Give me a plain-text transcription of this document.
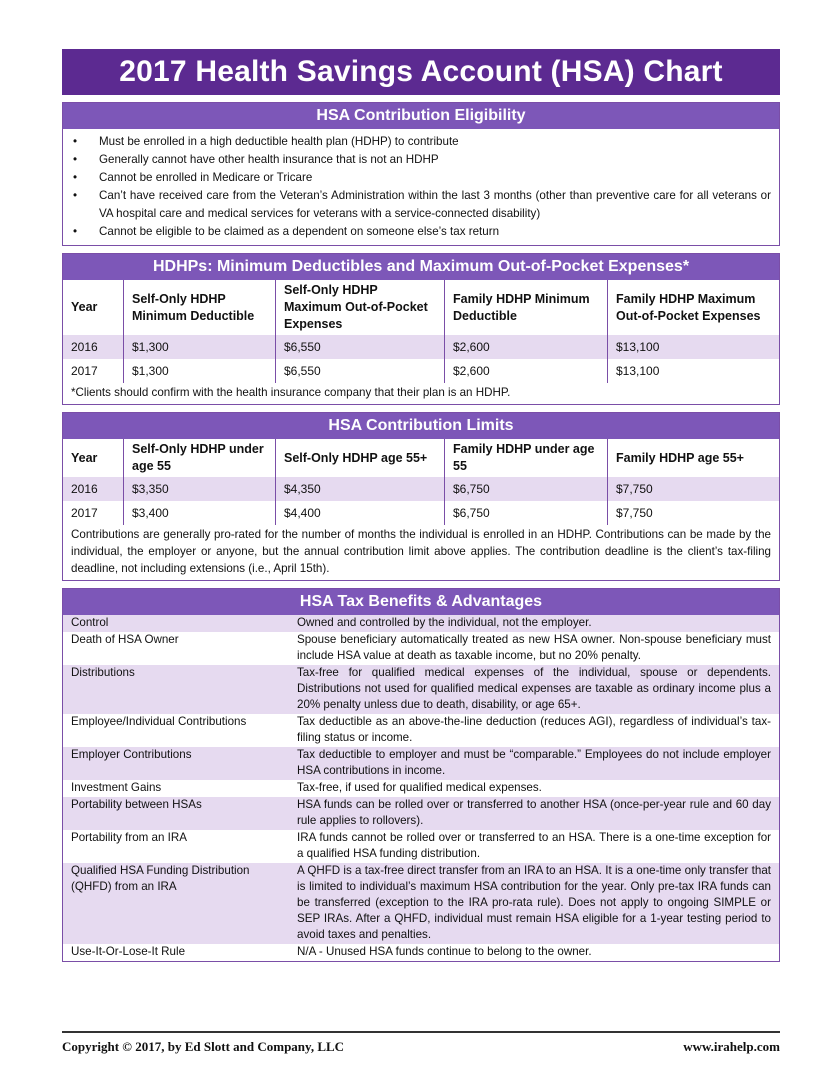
2017 Health Savings Account (HSA) Chart
HSA Contribution Eligibility
• Must be enrolled in a high deductible health plan (HDHP) to contribute
• Generally cannot have other health insurance that is not an HDHP
• Cannot be enrolled in Medicare or Tricare
• Can’t have received care from the Veteran’s Administration within the last 3 months (other than preventive care for all veterans or VA hospital care and medical services for veterans with a service-connected disability)
• Cannot be eligible to be claimed as a dependent on someone else’s tax return
HDHPs: Minimum Deductibles and Maximum Out-of-Pocket Expenses*
Year	Self-Only HDHP Minimum Deductible	Self-Only HDHP Maximum Out-of-Pocket Expenses	Family HDHP Minimum Deductible	Family HDHP Maximum Out-of-Pocket Expenses
2016	$1,300	$6,550	$2,600	$13,100
2017	$1,300	$6,550	$2,600	$13,100
*Clients should confirm with the health insurance company that their plan is an HDHP.
HSA Contribution Limits
Year	Self-Only HDHP under age 55	Self-Only HDHP age 55+	Family HDHP under age 55	Family HDHP age 55+
2016	$3,350	$4,350	$6,750	$7,750
2017	$3,400	$4,400	$6,750	$7,750
Contributions are generally pro-rated for the number of months the individual is enrolled in an HDHP. Contributions can be made by the individual, the employer or anyone, but the annual contribution limit above applies. The contribution deadline is the client’s tax-filing deadline, not including extensions (i.e., April 15th).
HSA Tax Benefits & Advantages
Control	Owned and controlled by the individual, not the employer.
Death of HSA Owner	Spouse beneficiary automatically treated as new HSA owner. Non-spouse beneficiary must include HSA value at death as taxable income, but no 20% penalty.
Distributions	Tax-free for qualified medical expenses of the individual, spouse or dependents. Distributions not used for qualified medical expenses are taxable as ordinary income plus a 20% penalty unless due to death, disability, or age 65+.
Employee/Individual Contributions	Tax deductible as an above-the-line deduction (reduces AGI), regardless of individual’s tax-filing status or income.
Employer Contributions	Tax deductible to employer and must be “comparable.” Employees do not include employer HSA contributions in income.
Investment Gains	Tax-free, if used for qualified medical expenses.
Portability between HSAs	HSA funds can be rolled over or transferred to another HSA (once-per-year rule and 60 day rule applies to rollovers).
Portability from an IRA	IRA funds cannot be rolled over or transferred to an HSA. There is a one-time exception for a qualified HSA funding distribution.
Qualified HSA Funding Distribution (QHFD) from an IRA	A QHFD is a tax-free direct transfer from an IRA to an HSA. It is a one-time only transfer that is limited to individual’s maximum HSA contribution for the year. Only pre-tax IRA funds can be transferred (exception to the IRA pro-rata rule). Does not apply to ongoing SIMPLE or SEP IRAs. After a QHFD, individual must remain HSA eligible for a 1-year testing period to avoid taxes and penalties.
Use-It-Or-Lose-It Rule	N/A - Unused HSA funds continue to belong to the owner.
Copyright © 2017, by Ed Slott and Company, LLC	www.irahelp.com
